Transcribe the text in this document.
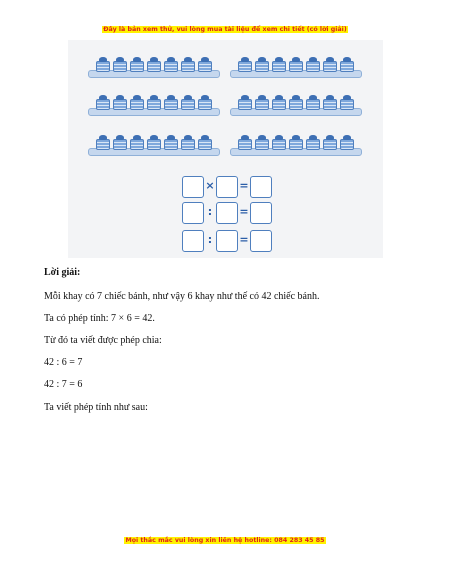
Đây là bản xem thử, vui lòng mua tài liệu để xem chi tiết (có lời giải)
× =
:	=
:	=
Lời giải:
Mỗi khay có 7 chiếc bánh, như vậy 6 khay như thế có 42 chiếc bánh.
Ta có phép tính: 7 × 6 = 42.
Từ đó ta viết được phép chia:
42 : 6 = 7
42 : 7 = 6
Ta viết phép tính như sau:
Mọi thắc mắc vui lòng xin liên hệ hotline: 084 283 45 85
